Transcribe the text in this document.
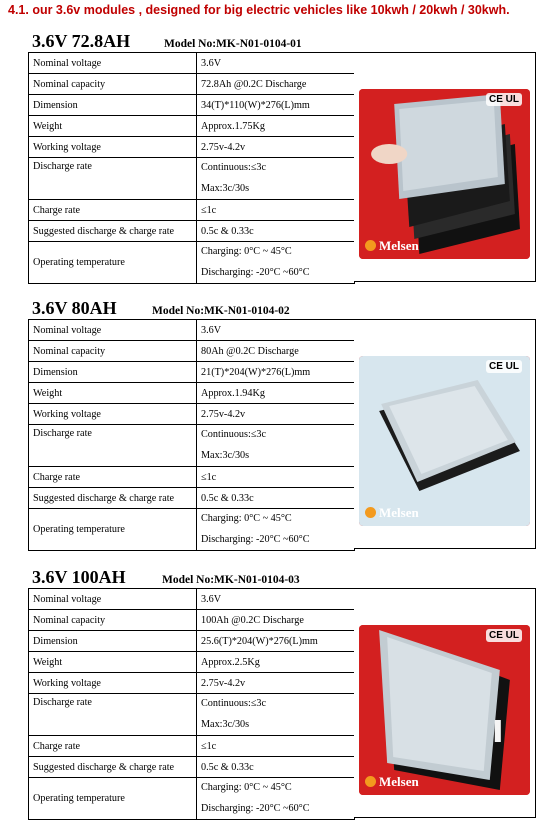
4.1. our 3.6v modules , designed for big electric vehicles like 10kwh / 20kwh / 30kwh.
3.6V 72.8AH	Model No:MK-N01-0104-01
Nominal voltage	3.6V
Nominal capacity	72.8Ah @0.2C Discharge
Dimension	34(T)*110(W)*276(L)mm
Weight	Approx.1.75Kg
Working voltage	2.75v-4.2v
Discharge rate	Continuous:≤3c
Max:3c/30s

Charge rate	≤1c
Suggested discharge & charge rate	0.5c & 0.33c
Operating temperature	Charging: 0°C ~ 45°C
Discharging: -20°C ~60°C
CE UL
Melsen
3.6V 80AH	Model No:MK-N01-0104-02
Nominal voltage	3.6V
Nominal capacity	80Ah @0.2C Discharge
Dimension	21(T)*204(W)*276(L)mm
Weight	Approx.1.94Kg
Working voltage	2.75v-4.2v
Discharge rate	Continuous:≤3c
Max:3c/30s

Charge rate	≤1c
Suggested discharge & charge rate	0.5c & 0.33c
Operating temperature	Charging: 0°C ~ 45°C
Discharging: -20°C ~60°C
CE UL
Melsen
3.6V 100AH	Model No:MK-N01-0104-03
Nominal voltage	3.6V
Nominal capacity	100Ah @0.2C Discharge
Dimension	25.6(T)*204(W)*276(L)mm
Weight	Approx.2.5Kg
Working voltage	2.75v-4.2v
Discharge rate	Continuous:≤3c
Max:3c/30s

Charge rate	≤1c
Suggested discharge & charge rate	0.5c & 0.33c
Operating temperature	Charging: 0°C ~ 45°C
Discharging: -20°C ~60°C
CE UL
Melsen
